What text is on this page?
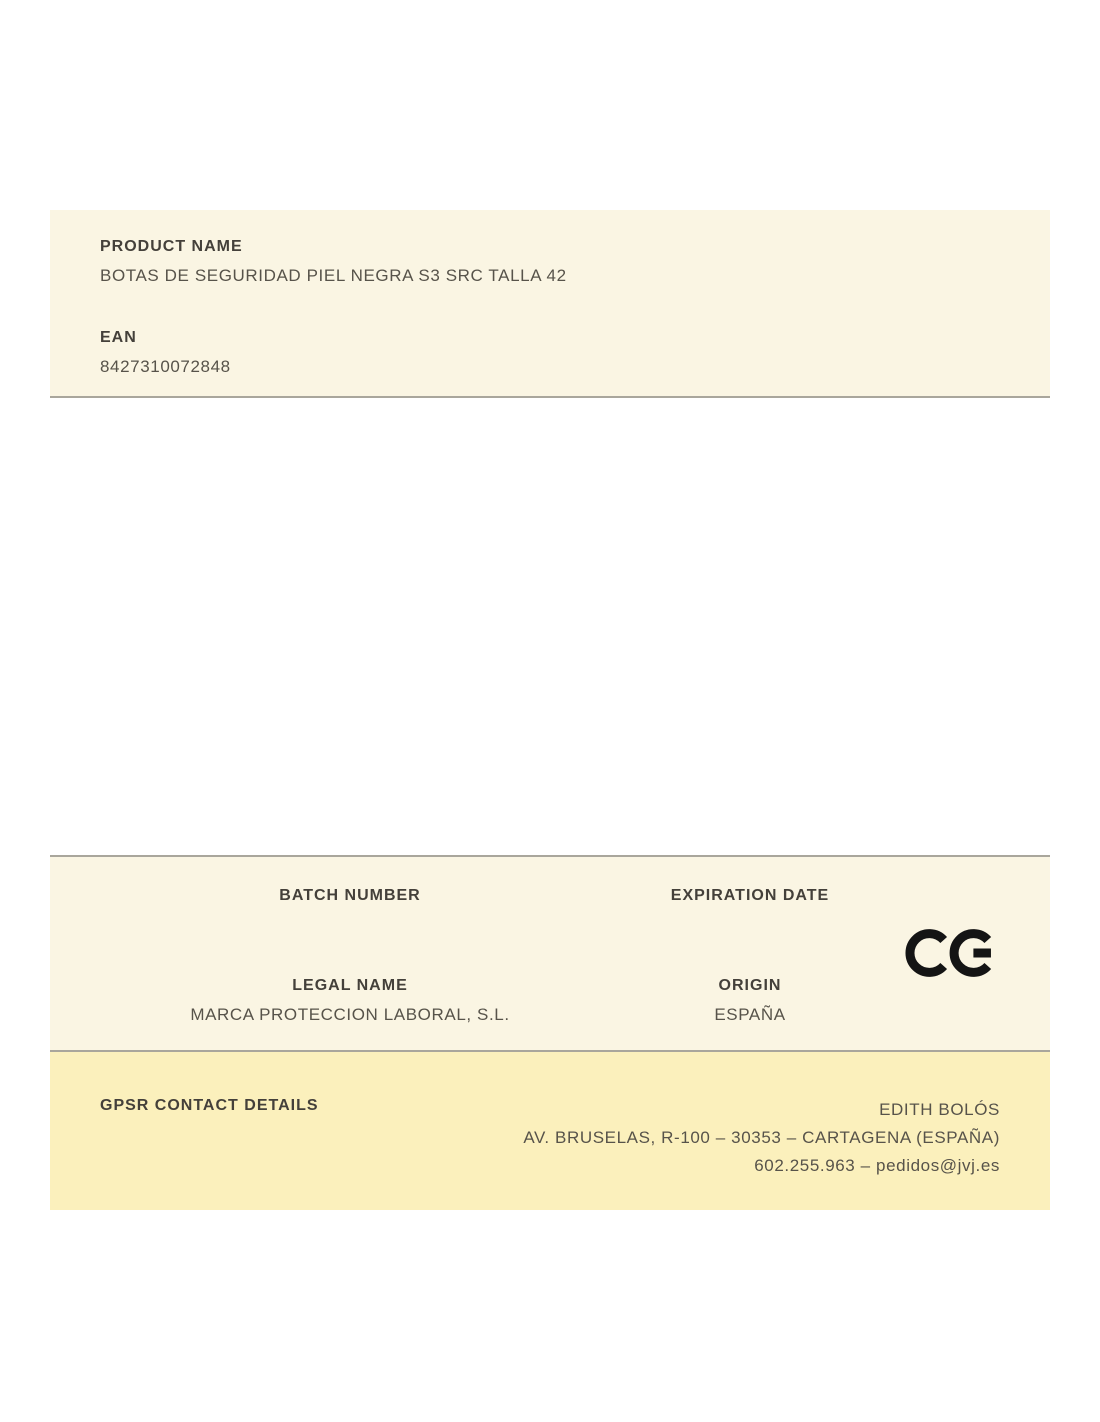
PRODUCT NAME
BOTAS DE SEGURIDAD PIEL NEGRA S3 SRC TALLA 42
EAN
8427310072848
BATCH NUMBER
LEGAL NAME
MARCA PROTECCION LABORAL, S.L.
EXPIRATION DATE
ORIGIN
ESPAÑA
GPSR CONTACT DETAILS	EDITH BOLÓS
AV. BRUSELAS, R-100 – 30353 – CARTAGENA (ESPAÑA)
602.255.963 – pedidos@jvj.es
